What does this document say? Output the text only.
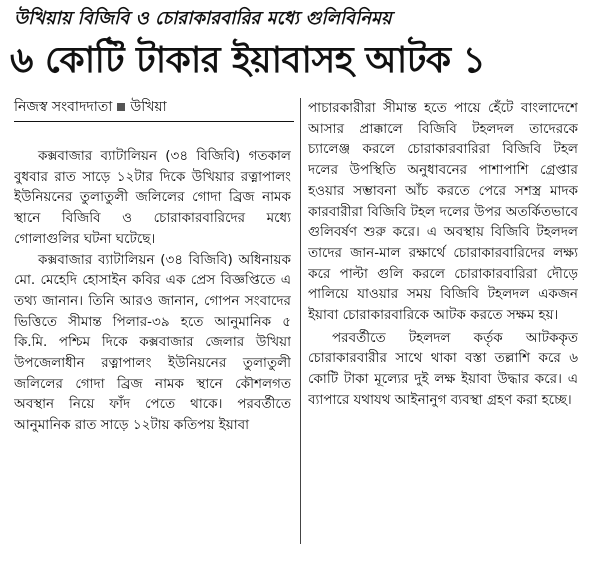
উখিয়ায় বিজিবি ও চোরাকারবারির মধ্যে গুলিবিনিময়
৬ কোটি টাকার ইয়াবাসহ আটক ১
নিজস্ব সংবাদদাতা উখিয়া

কক্সবাজার ব্যাটালিয়ন (৩৪ বিজিবি) গতকাল বুধবার রাত সাড়ে ১২টার দিকে উখিয়ার রত্নাপালং ইউনিয়নের তুলাতুলী জলিলের গোদা ব্রিজ নামক স্থানে বিজিবি ও চোরাকারবারিদের মধ্যে গোলাগুলির ঘটনা ঘটেছে।

কক্সবাজার ব্যাটালিয়ন (৩৪ বিজিবি) অধিনায়ক মো. মেহেদি হোসাইন কবির এক প্রেস বিজ্ঞপ্তিতে এ তথ্য জানান। তিনি আরও জানান, গোপন সংবাদের ভিত্তিতে সীমান্ত পিলার-৩৯ হতে আনুমানিক ৫ কি.মি. পশ্চিম দিকে কক্সবাজার জেলার উখিয়া উপজেলাধীন রত্নাপালং ইউনিয়নের তুলাতুলী জলিলের গোদা ব্রিজ নামক স্থানে কৌশলগত অবস্থান নিয়ে ফাঁদ পেতে থাকে। পরবর্তীতে আনুমানিক রাত সাড়ে ১২টায় কতিপয় ইয়াবা

পাচারকারীরা সীমান্ত হতে পায়ে হেঁটে বাংলাদেশে আসার প্রাক্কালে বিজিবি টহলদল তাদেরকে চ্যালেঞ্জ করলে চোরাকারবারিরা বিজিবি টহল দলের উপস্থিতি অনুধাবনের পাশাপাশি গ্রেপ্তার হওয়ার সম্ভাবনা আঁচ করতে পেরে সশস্ত্র মাদক কারবারীরা বিজিবি টহল দলের উপর অতর্কিতভাবে গুলিবর্ষণ শুরু করে। এ অবস্থায় বিজিবি টহলদল তাদের জান-মাল রক্ষার্থে চোরাকারবারিদের লক্ষ্য করে পাল্টা গুলি করলে চোরাকারবারিরা দৌড়ে পালিয়ে যাওয়ার সময় বিজিবি টহলদল একজন ইয়াবা চোরাকারবারিকে আটক করতে সক্ষম হয়।

পরবর্তীতে টহলদল কর্তৃক আটককৃত চোরাকারবারীর সাথে থাকা বস্তা তল্লাশি করে ৬ কোটি টাকা মূল্যের দুই লক্ষ ইয়াবা উদ্ধার করে। এ ব্যাপারে যথাযথ আইনানুগ ব্যবস্থা গ্রহণ করা হচ্ছে।
